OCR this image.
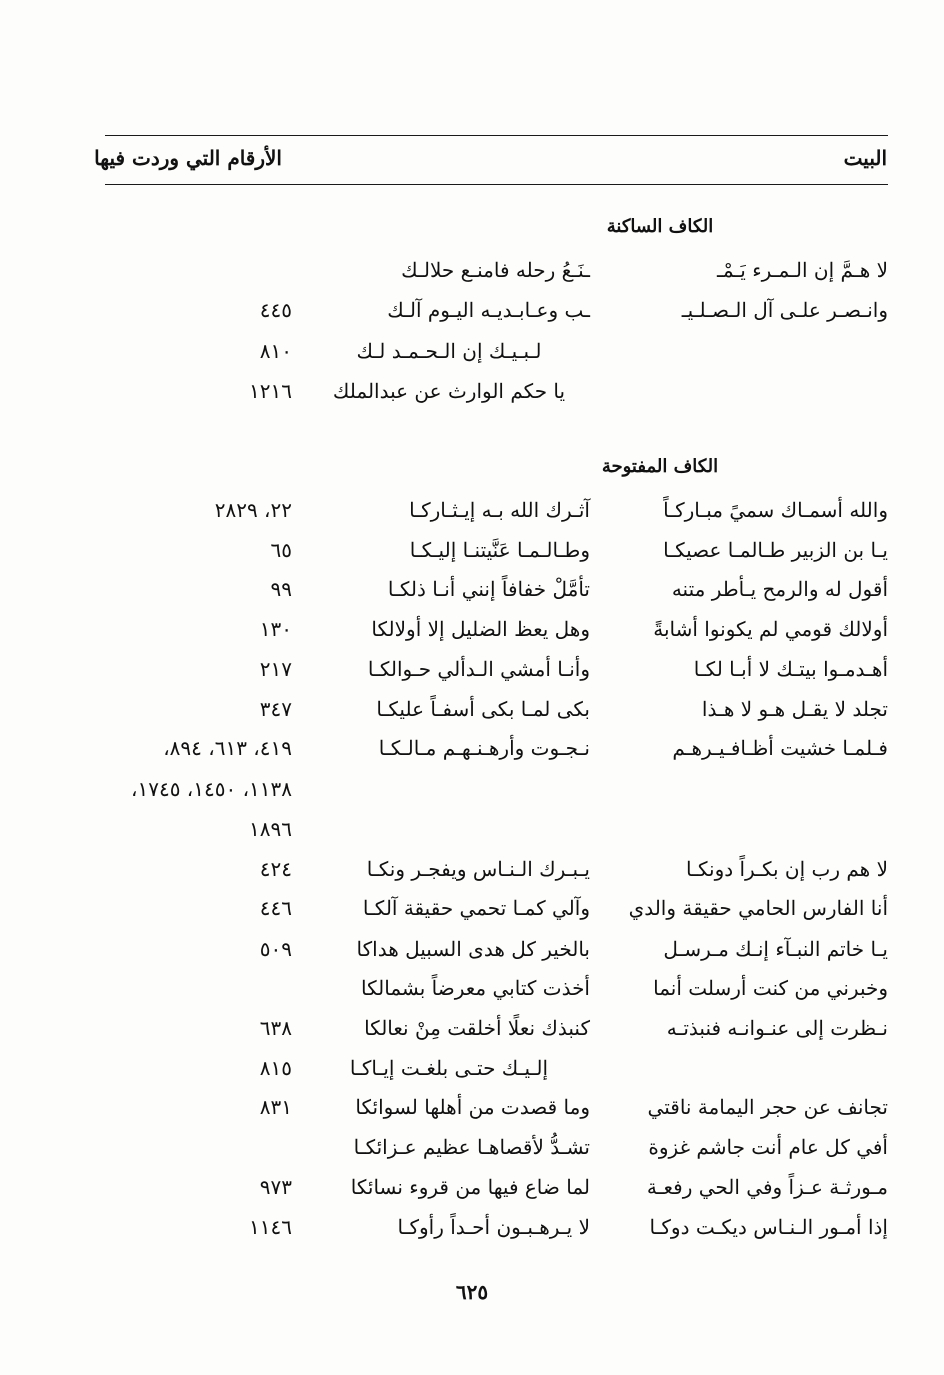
البيت
الأرقام التي وردت فيها
الكاف الساكنة
لا هـمَّ إن الـمـرء يَـمْـ
ـنَـعُ رحله فامنـع حلالـك
وانـصـر علـى آل الـصـلـيـ
ـب وعـابـديـه اليـوم آلـك
٤٤٥
لـبـيـك إن الـحـمـد لـك
٨١٠
يا حكم الوارث عن عبدالملك
١٢١٦
الكاف المفتوحة
والله أسمـاك سميً مبـاركـاً
آثـرك الله بـه إيـثـاركـا
٢٢، ٢٨٢٩
يـا بن الزبير طـالمـا عصيكـا
وطـالـمـا عَنَّيتنـا إليـكـا
٦٥
أقول له والرمح يـأطر متنه
تأمَّلْ خفافاً إنني أنـا ذلكـا
٩٩
أولالك قومي لم يكونوا أشابةً
وهل يعظ الضليل إلا أولالكا
١٣٠
أهـدمـوا بيتـك لا أبـا لكـا
وأنـا أمشي الـدألي حـوالكـا
٢١٧
تجلد لا يقـل هـو لا هـذا
بكى لمـا بكى أسفـاً عليكـا
٣٤٧
فـلمـا خشيت أظـافـيـرهـم
نـجـوت وأرهـنـهـم مـالـكـا
٤١٩، ٦١٣، ٨٩٤،
١١٣٨، ١٤٥٠، ١٧٤٥،
١٨٩٦
لا هم رب إن بكـراً دونكـا
يـبـرك الـنـاس ويفجـر ونكـا
٤٢٤
أنا الفارس الحامي حقيقة والدي
وآلي كمـا تحمي حقيقة آلكـا
٤٤٦
يـا خاتم النبـآء إنـك مـرسـل
بالخير كل هدى السبيل هداكا
٥٠٩
وخبرني من كنت أرسلت أنما
أخذت كتابي معرضاً بشمالكا
نـظرت إلى عنـوانـه فنبذتـه
كنبذك نعلًا أخلقت مِنْ نعالكا
٦٣٨
إلـيـك حتـى بلغـت إيـاكـا
٨١٥
تجانف عن حجر اليمامة ناقتي
وما قصدت من أهلها لسوائكا
٨٣١
أفي كل عام أنت جاشم غزوة
تشـدُّ لأقصاهـا عظيم عـزائكـا
مـورثـة عـزاً وفي الحي رفعـة
لما ضاع فيها من قروء نسائكا
٩٧٣
إذا أمـور الـنـاس ديكـت دوكـا
لا يـرهـبـون أحـداً رأوكـا
١١٤٦
٦٢٥
